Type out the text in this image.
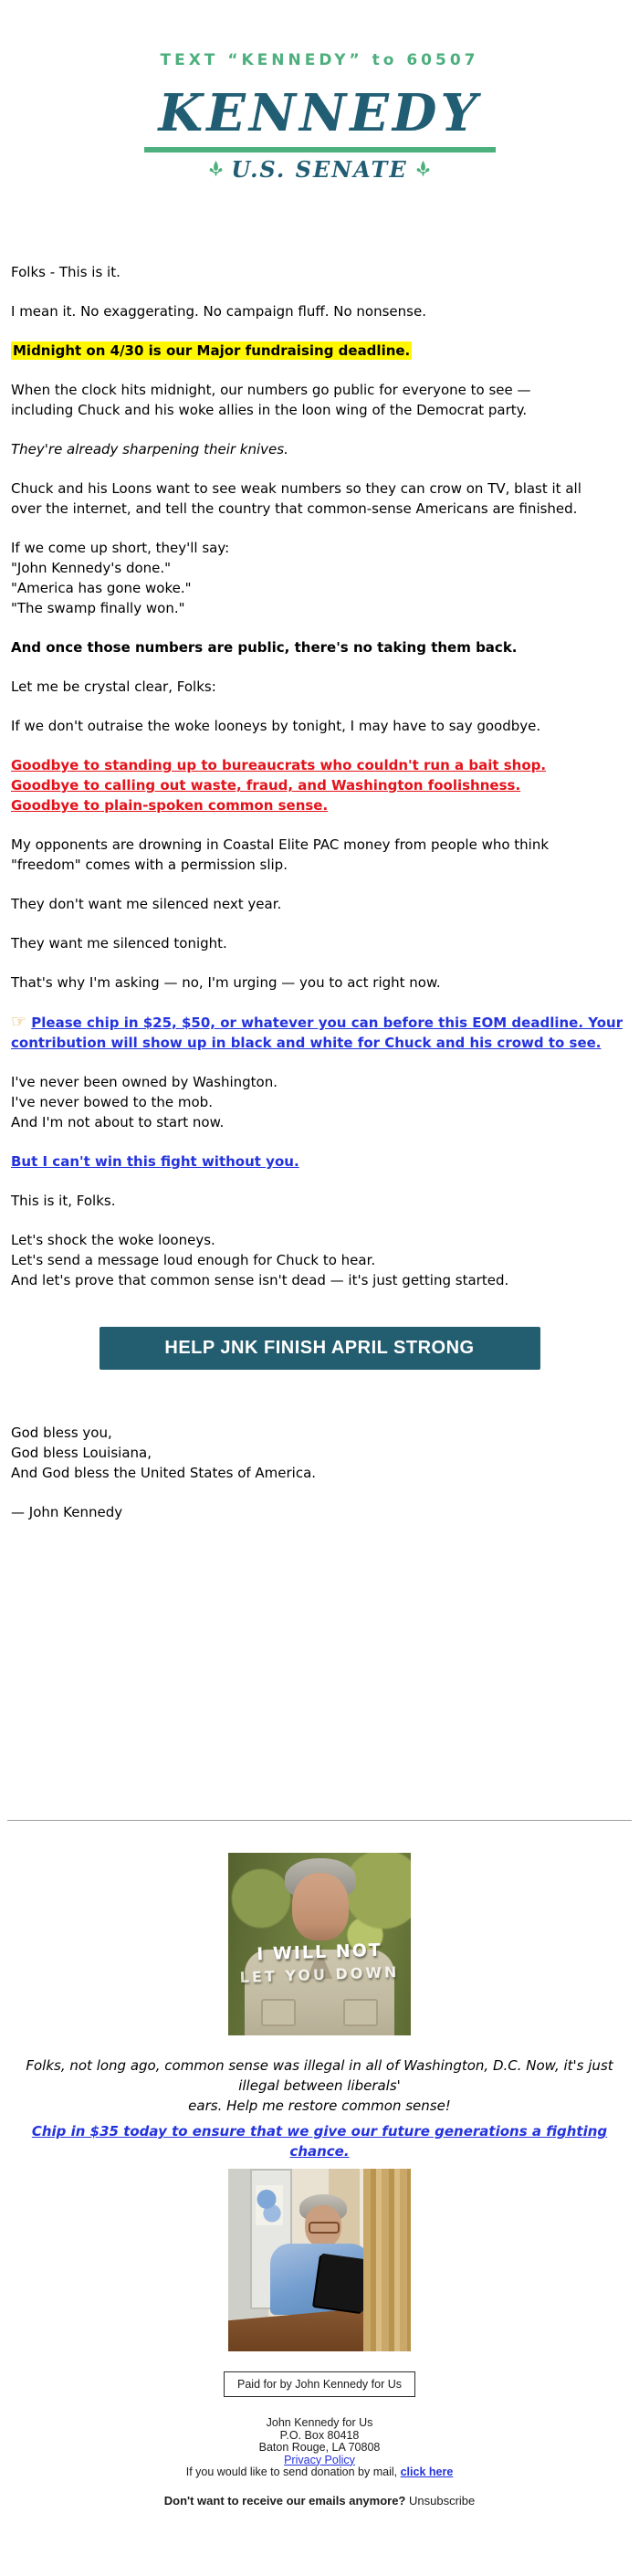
TEXT “KENNEDY” to 60507
KENNEDY
U.S. SENATE

Folks - This is it.

I mean it. No exaggerating. No campaign fluff. No nonsense.

Midnight on 4/30 is our Major fundraising deadline.

When the clock hits midnight, our numbers go public for everyone to see —
including Chuck and his woke allies in the loon wing of the Democrat party.

They're already sharpening their knives.

Chuck and his Loons want to see weak numbers so they can crow on TV, blast it all
over the internet, and tell the country that common-sense Americans are finished.

If we come up short, they'll say:
"John Kennedy's done."
"America has gone woke."
"The swamp finally won."

And once those numbers are public, there's no taking them back.

Let me be crystal clear, Folks:

If we don't outraise the woke looneys by tonight, I may have to say goodbye.

Goodbye to standing up to bureaucrats who couldn't run a bait shop.
Goodbye to calling out waste, fraud, and Washington foolishness.
Goodbye to plain-spoken common sense.

My opponents are drowning in Coastal Elite PAC money from people who think
"freedom" comes with a permission slip.

They don't want me silenced next year.

They want me silenced tonight.

That's why I'm asking — no, I'm urging — you to act right now.

☞ Please chip in $25, $50, or whatever you can before this EOM deadline. Your
contribution will show up in black and white for Chuck and his crowd to see.

I've never been owned by Washington.
I've never bowed to the mob.
And I'm not about to start now.

But I can't win this fight without you.

This is it, Folks.

Let's shock the woke looneys.
Let's send a message loud enough for Chuck to hear.
And let's prove that common sense isn't dead — it's just getting started.

HELP JNK FINISH APRIL STRONG

God bless you,
God bless Louisiana,
And God bless the United States of America.

— John Kennedy

I WILL NOT
LET YOU DOWN
Folks, not long ago, common sense was illegal in all of Washington, D.C. Now, it's just illegal between liberals'
ears. Help me restore common sense!
Chip in $35 today to ensure that we give our future generations a fighting chance.
Paid for by John Kennedy for Us
John Kennedy for Us
P.O. Box 80418
Baton Rouge, LA 70808
Privacy Policy
If you would like to send donation by mail, click here
Don't want to receive our emails anymore? Unsubscribe
